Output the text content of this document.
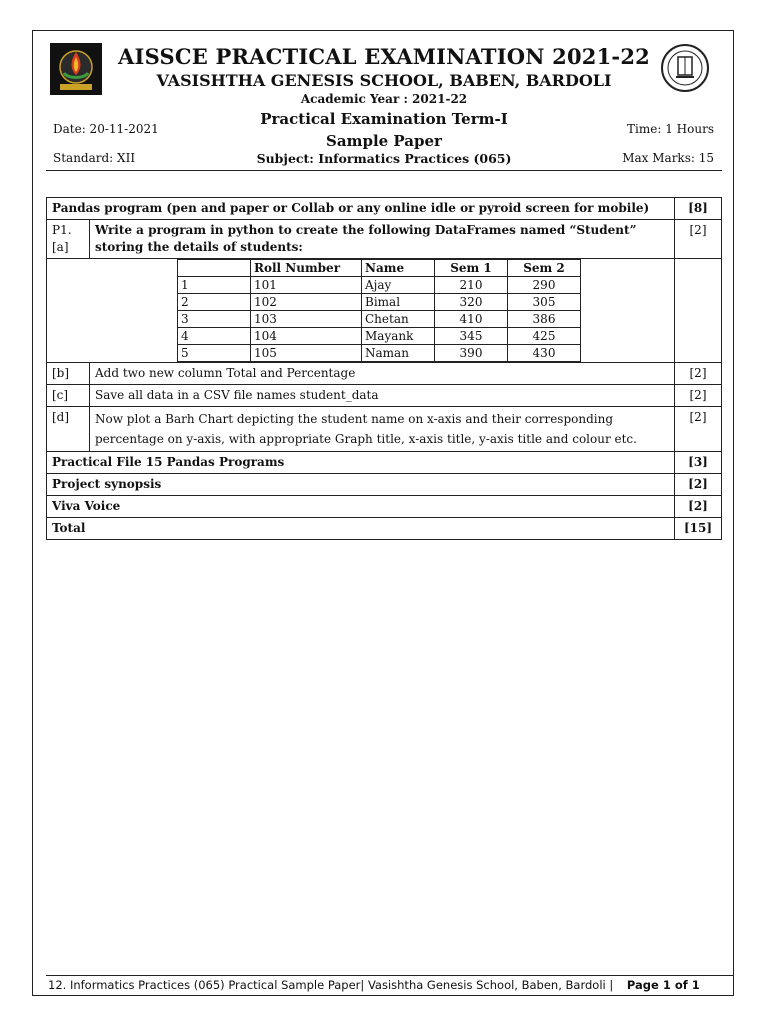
AISSCE PRACTICAL EXAMINATION 2021-22
VASISHTHA GENESIS SCHOOL, BABEN, BARDOLI
Academic Year : 2021-22
Practical Examination Term-I
Sample Paper
Date: 20-11-2021	Time: 1 Hours
Standard: XII	Subject: Informatics Practices (065)	Max Marks: 15
Pandas program (pen and paper or Collab or any online idle or pyroid screen for mobile)	[8]
P1. [a]	Write a program in python to create the following DataFrames named “Student” storing the details of students:	[2]

	Roll Number	Name	Sem 1	Sem 2
1	101	Ajay	210	290
2	102	Bimal	320	305
3	103	Chetan	410	386
4	104	Mayank	345	425
5	105	Naman	390	430

[b]	Add two new column Total and Percentage	[2]
[c]	Save all data in a CSV file names student_data	[2]
[d]	Now plot a Barh Chart depicting the student name on x-axis and their corresponding percentage on y-axis, with appropriate Graph title, x-axis title, y-axis title and colour etc.	[2]
Practical File 15 Pandas Programs	[3]
Project synopsis	[2]
Viva Voice	[2]
Total	[15]
12. Informatics Practices (065) Practical Sample Paper| Vasishtha Genesis School, Baben, Bardoli | Page 1 of 1
